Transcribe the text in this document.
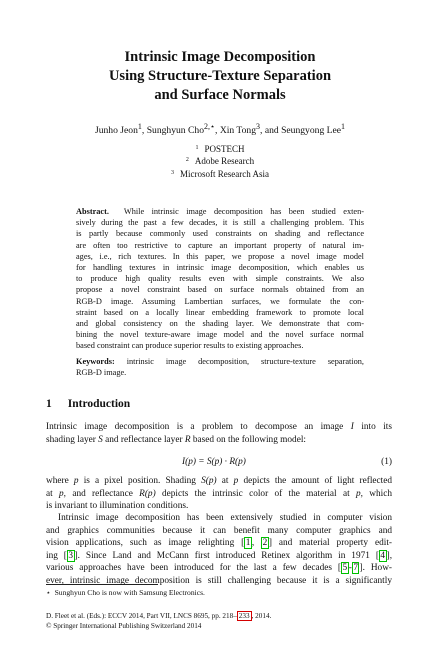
Intrinsic Image Decomposition
Using Structure-Texture Separation
and Surface Normals
Junho Jeon$^1$, Sunghyun Cho$^{2,⋆}$, Xin Tong$^3$, and Seungyong Lee$^1$
$^1$ POSTECH
$^2$ Adobe Research
$^3$ Microsoft Research Asia
Abstract. While intrinsic image decomposition has been studied exten-
sively during the past a few decades, it is still a challenging problem. This
is partly because commonly used constraints on shading and reflectance
are often too restrictive to capture an important property of natural im-
ages, i.e., rich textures. In this paper, we propose a novel image model
for handling textures in intrinsic image decomposition, which enables us
to produce high quality results even with simple constraints. We also
propose a novel constraint based on surface normals obtained from an
RGB-D image. Assuming Lambertian surfaces, we formulate the con-
straint based on a locally linear embedding framework to promote local
and global consistency on the shading layer. We demonstrate that com-
bining the novel texture-aware image model and the novel surface normal
based constraint can produce superior results to existing approaches.
Keywords: intrinsic image decomposition, structure-texture separation,
RGB-D image.
1 Introduction
Intrinsic image decomposition is a problem to decompose an image I into its
shading layer S and reflectance layer R based on the following model:
I(p) = S(p) · R(p)	(1)
where p is a pixel position. Shading S(p) at p depicts the amount of light reflected
at p, and reflectance R(p) depicts the intrinsic color of the material at p, which
is invariant to illumination conditions.
Intrinsic image decomposition has been extensively studied in computer vision
and graphics communities because it can benefit many computer graphics and
vision applications, such as image relighting [ 1 , 2 ] and material property edit-
ing [ 3 ]. Since Land and McCann first introduced Retinex algorithm in 1971 [ 4 ],
various approaches have been introduced for the last a few decades [ 5 - 7 ]. How-
ever, intrinsic image decomposition is still challenging because it is a significantly
⋆ Sunghyun Cho is now with Samsung Electronics.
D. Fleet et al. (Eds.): ECCV 2014, Part VII, LNCS 8695, pp. 218– 233 , 2014.
© Springer International Publishing Switzerland 2014
